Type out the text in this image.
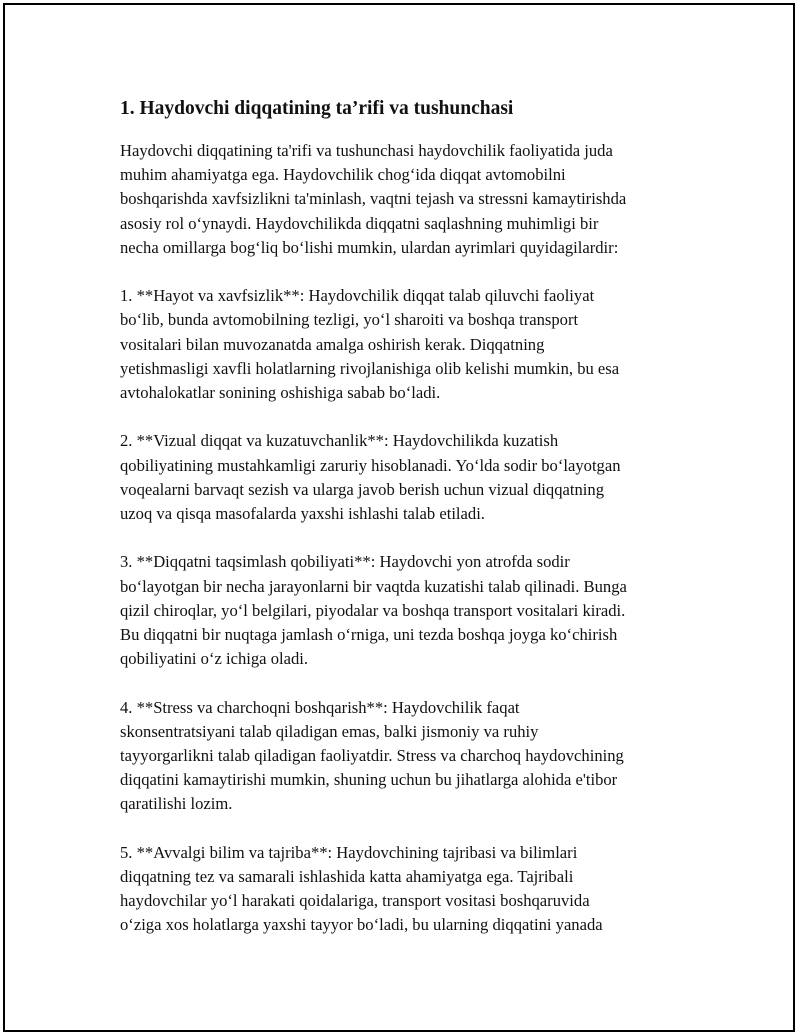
1. Haydovchi diqqatining ta’rifi va tushunchasi

Haydovchi diqqatining ta'rifi va tushunchasi haydovchilik faoliyatida juda
muhim ahamiyatga ega. Haydovchilik chog‘ida diqqat avtomobilni
boshqarishda xavfsizlikni ta'minlash, vaqtni tejash va stressni kamaytirishda
asosiy rol o‘ynaydi. Haydovchilikda diqqatni saqlashning muhimligi bir
necha omillarga bog‘liq bo‘lishi mumkin, ulardan ayrimlari quyidagilardir:

1. **Hayot va xavfsizlik**: Haydovchilik diqqat talab qiluvchi faoliyat
bo‘lib, bunda avtomobilning tezligi, yo‘l sharoiti va boshqa transport
vositalari bilan muvozanatda amalga oshirish kerak. Diqqatning
yetishmasligi xavfli holatlarning rivojlanishiga olib kelishi mumkin, bu esa
avtohalokatlar sonining oshishiga sabab bo‘ladi.

2. **Vizual diqqat va kuzatuvchanlik**: Haydovchilikda kuzatish
qobiliyatining mustahkamligi zaruriy hisoblanadi. Yo‘lda sodir bo‘layotgan
voqealarni barvaqt sezish va ularga javob berish uchun vizual diqqatning
uzoq va qisqa masofalarda yaxshi ishlashi talab etiladi.

3. **Diqqatni taqsimlash qobiliyati**: Haydovchi yon atrofda sodir
bo‘layotgan bir necha jarayonlarni bir vaqtda kuzatishi talab qilinadi. Bunga
qizil chiroqlar, yo‘l belgilari, piyodalar va boshqa transport vositalari kiradi.
Bu diqqatni bir nuqtaga jamlash o‘rniga, uni tezda boshqa joyga ko‘chirish
qobiliyatini o‘z ichiga oladi.

4. **Stress va charchoqni boshqarish**: Haydovchilik faqat
skonsentratsiyani talab qiladigan emas, balki jismoniy va ruhiy
tayyorgarlikni talab qiladigan faoliyatdir. Stress va charchoq haydovchining
diqqatini kamaytirishi mumkin, shuning uchun bu jihatlarga alohida e'tibor
qaratilishi lozim.

5. **Avvalgi bilim va tajriba**: Haydovchining tajribasi va bilimlari
diqqatning tez va samarali ishlashida katta ahamiyatga ega. Tajribali
haydovchilar yo‘l harakati qoidalariga, transport vositasi boshqaruvida
o‘ziga xos holatlarga yaxshi tayyor bo‘ladi, bu ularning diqqatini yanada
